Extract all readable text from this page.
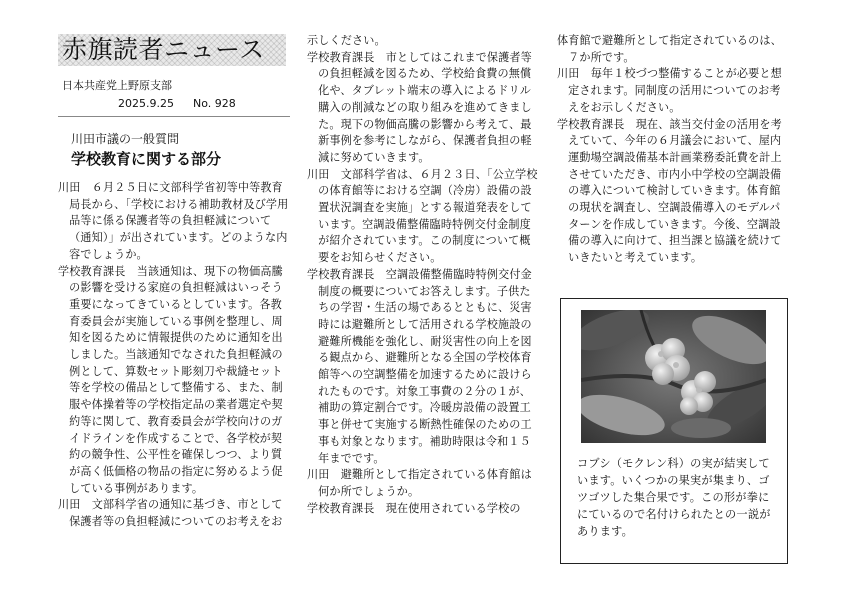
赤旗読者ニュース
日本共産党上野原支部
2025.9.25 No. 928
川田市議の一般質問
学校教育に関する部分

川田　６月２５日に文部科学省初等中等教育局長から、「学校における補助教材及び学用品等に係る保護者等の負担軽減について（通知）」が出されています。どのような内容でしょうか。

学校教育課長　当該通知は、現下の物価高騰の影響を受ける家庭の負担軽減はいっそう重要になってきているとしています。各教育委員会が実施している事例を整理し、周知を図るために情報提供のために通知を出しました。当該通知でなされた負担軽減の例として、算数セット彫刻刀や裁縫セット等を学校の備品として整備する、また、制服や体操着等の学校指定品の業者選定や契約等に関して、教育委員会が学校向けのガイドラインを作成することで、各学校が契約の競争性、公平性を確保しつつ、より質が高く低価格の物品の指定に努めるよう促している事例があります。

川田　文部科学省の通知に基づき、市として保護者等の負担軽減についてのお考えをお

示しください。

学校教育課長　市としてはこれまで保護者等の負担軽減を図るため、学校給食費の無償化や、タブレット端末の導入によるドリル購入の削減などの取り組みを進めてきました。現下の物価高騰の影響から考えて、最新事例を参考にしながら、保護者負担の軽減に努めていきます。

川田　文部科学省は、６月２３日、「公立学校の体育館等における空調（冷房）設備の設置状況調査を実施」とする報道発表をしています。空調設備整備臨時特例交付金制度が紹介されています。この制度について概要をお知らせください。

学校教育課長　空調設備整備臨時特例交付金制度の概要についてお答えします。子供たちの学習・生活の場であるとともに、災害時には避難所として活用される学校施設の避難所機能を強化し、耐災害性の向上を図る観点から、避難所となる全国の学校体育館等への空調整備を加速するために設けられたものです。対象工事費の２分の１が、補助の算定割合です。冷暖房設備の設置工事と併せて実施する断熱性確保のための工事も対象となります。補助時限は令和１５年までです。

川田　避難所として指定されている体育館は何か所でしょうか。

学校教育課長　現在使用されている学校の

体育館で避難所として指定されているのは、７か所です。

川田　毎年１校づつ整備することが必要と想定されます。同制度の活用についてのお考えをお示しください。

学校教育課長　現在、該当交付金の活用を考えていて、今年の６月議会において、屋内運動場空調設備基本計画業務委託費を計上させていただき、市内小中学校の空調設備の導入について検討していきます。体育館の現状を調査し、空調設備導入のモデルパターンを作成していきます。今後、空調設備の導入に向けて、担当課と協議を続けていきたいと考えています。

コブシ（モクレン科）の実が結実しています。いくつかの果実が集まり、ゴツゴツした集合果です。この形が拳ににているので名付けられたとの一説があります。
